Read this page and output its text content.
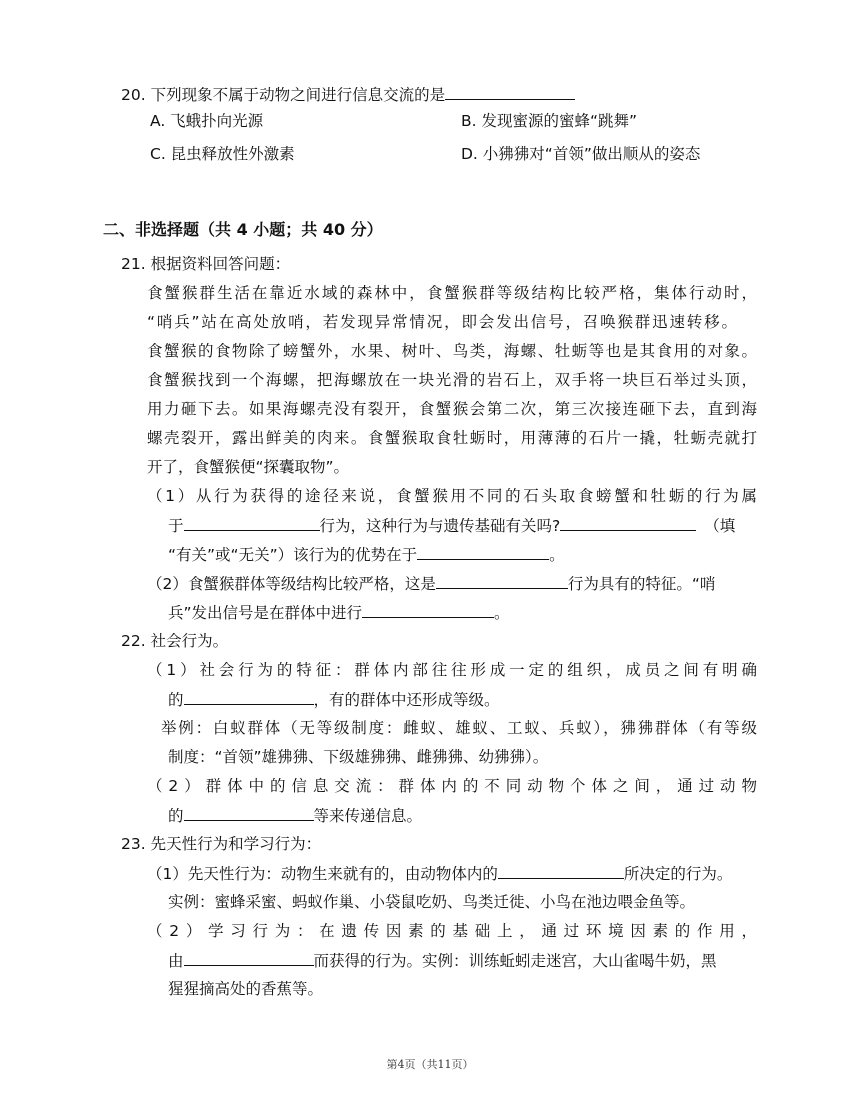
20. 下列现象不属于动物之间进行信息交流的是
A. 飞蛾扑向光源	B. 发现蜜源的蜜蜂“跳舞”
C. 昆虫释放性外激素	D. 小狒狒对“首领”做出顺从的姿态
二、非选择题（共 4 小题；共 40 分）
21. 根据资料回答问题：
食蟹猴群生活在靠近水域的森林中，食蟹猴群等级结构比较严格，集体行动时，
“哨兵”站在高处放哨，若发现异常情况，即会发出信号，召唤猴群迅速转移。
食蟹猴的食物除了螃蟹外，水果、树叶、鸟类，海螺、牡蛎等也是其食用的对象。
食蟹猴找到一个海螺，把海螺放在一块光滑的岩石上，双手将一块巨石举过头顶，
用力砸下去。如果海螺壳没有裂开，食蟹猴会第二次，第三次接连砸下去，直到海
螺壳裂开，露出鲜美的肉来。食蟹猴取食牡蛎时，用薄薄的石片一撬，牡蛎壳就打
开了，食蟹猴便“探囊取物”。
（1）从行为获得的途径来说，食蟹猴用不同的石头取食螃蟹和牡蛎的行为属
于	行为，这种行为与遗传基础有关吗?	（填
“有关”或“无关”）该行为的优势在于	。
（2）食蟹猴群体等级结构比较严格，这是	行为具有的特征。“哨
兵”发出信号是在群体中进行	。
22. 社会行为。
（1）社会行为的特征：群体内部往往形成一定的组织，成员之间有明确
的	，有的群体中还形成等级。
举例：白蚁群体（无等级制度：雌蚁、雄蚁、工蚁、兵蚁），狒狒群体（有等级
制度：“首领”雄狒狒、下级雄狒狒、雌狒狒、幼狒狒）。
（2）群体中的信息交流：群体内的不同动物个体之间，通过动物
的	等来传递信息。
23. 先天性行为和学习行为：
（1）先天性行为：动物生来就有的，由动物体内的	所决定的行为。
实例：蜜蜂采蜜、蚂蚁作巢、小袋鼠吃奶、鸟类迁徙、小鸟在池边喂金鱼等。
（2）学习行为：在遗传因素的基础上，通过环境因素的作用，
由	而获得的行为。实例：训练蚯蚓走迷宫，大山雀喝牛奶，黑
猩猩摘高处的香蕉等。
第4页（共11页）
